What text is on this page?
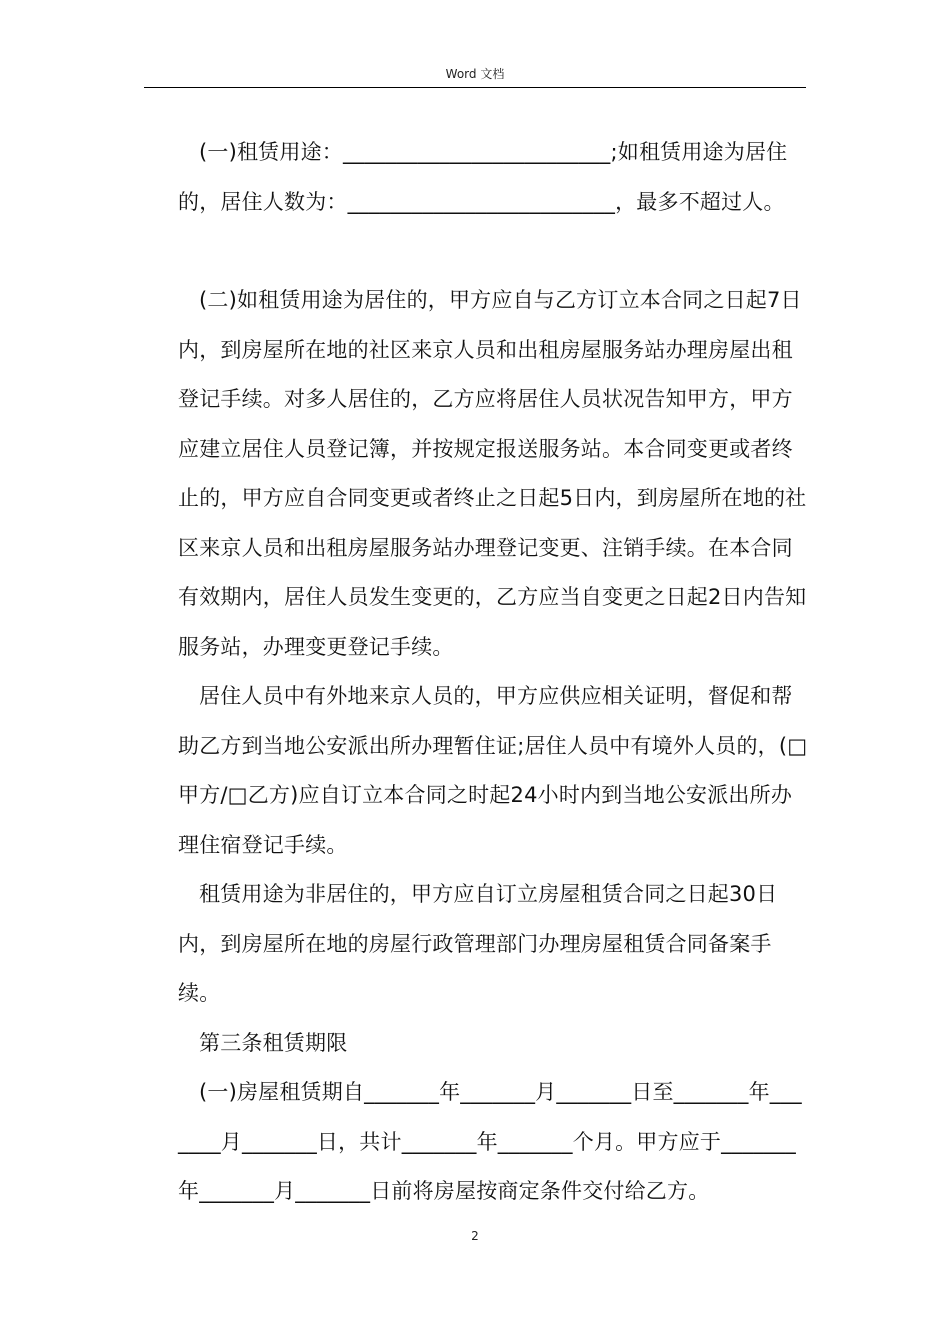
Word 文档

(一)租赁用途：_________________________;如租赁用途为居住的，居住人数为：_________________________，最多不超过人。

(二)如租赁用途为居住的，甲方应自与乙方订立本合同之日起7日内，到房屋所在地的社区来京人员和出租房屋服务站办理房屋出租登记手续。对多人居住的，乙方应将居住人员状况告知甲方，甲方应建立居住人员登记簿，并按规定报送服务站。本合同变更或者终止的，甲方应自合同变更或者终止之日起5日内，到房屋所在地的社区来京人员和出租房屋服务站办理登记变更、注销手续。在本合同有效期内，居住人员发生变更的，乙方应当自变更之日起2日内告知服务站，办理变更登记手续。

居住人员中有外地来京人员的，甲方应供应相关证明，督促和帮助乙方到当地公安派出所办理暂住证;居住人员中有境外人员的，(□甲方/□乙方)应自订立本合同之时起24小时内到当地公安派出所办理住宿登记手续。

租赁用途为非居住的，甲方应自订立房屋租赁合同之日起30日内，到房屋所在地的房屋行政管理部门办理房屋租赁合同备案手续。

第三条租赁期限

(一)房屋租赁期自_______年_______月_______日至_______年_______月_______日，共计_______年_______个月。甲方应于_______年_______月_______日前将房屋按商定条件交付给乙方。

2
